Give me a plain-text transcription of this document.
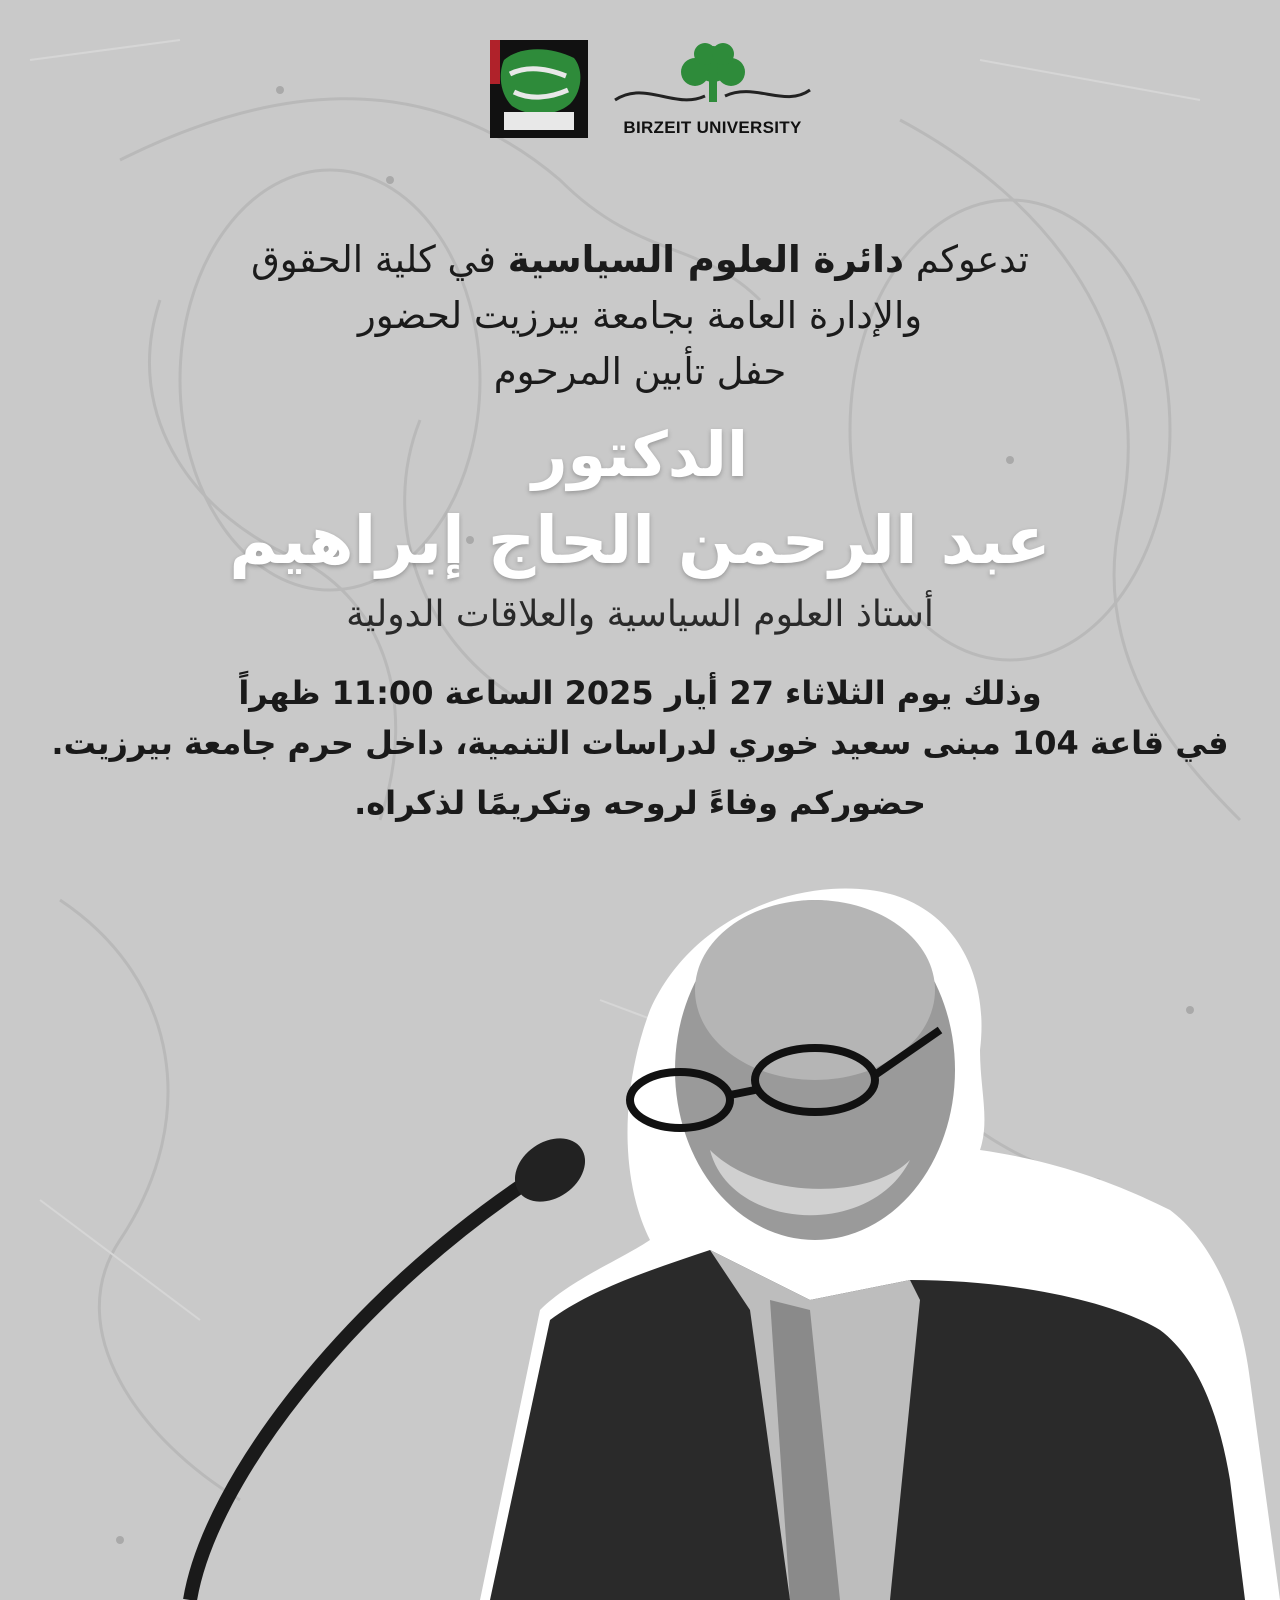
BIRZEIT UNIVERSITY

تدعوكم دائرة العلوم السياسية في كلية الحقوق

والإدارة العامة بجامعة بيرزيت لحضور

حفل تأبين المرحوم

الدكتور
عبد الرحمن الحاج إبراهيم

أستاذ العلوم السياسية والعلاقات الدولية

وذلك يوم الثلاثاء 27 أيار 2025 الساعة 11:00 ظهراً

في قاعة 104 مبنى سعيد خوري لدراسات التنمية، داخل حرم جامعة بيرزيت.

حضوركم وفاءً لروحه وتكريمًا لذكراه.
